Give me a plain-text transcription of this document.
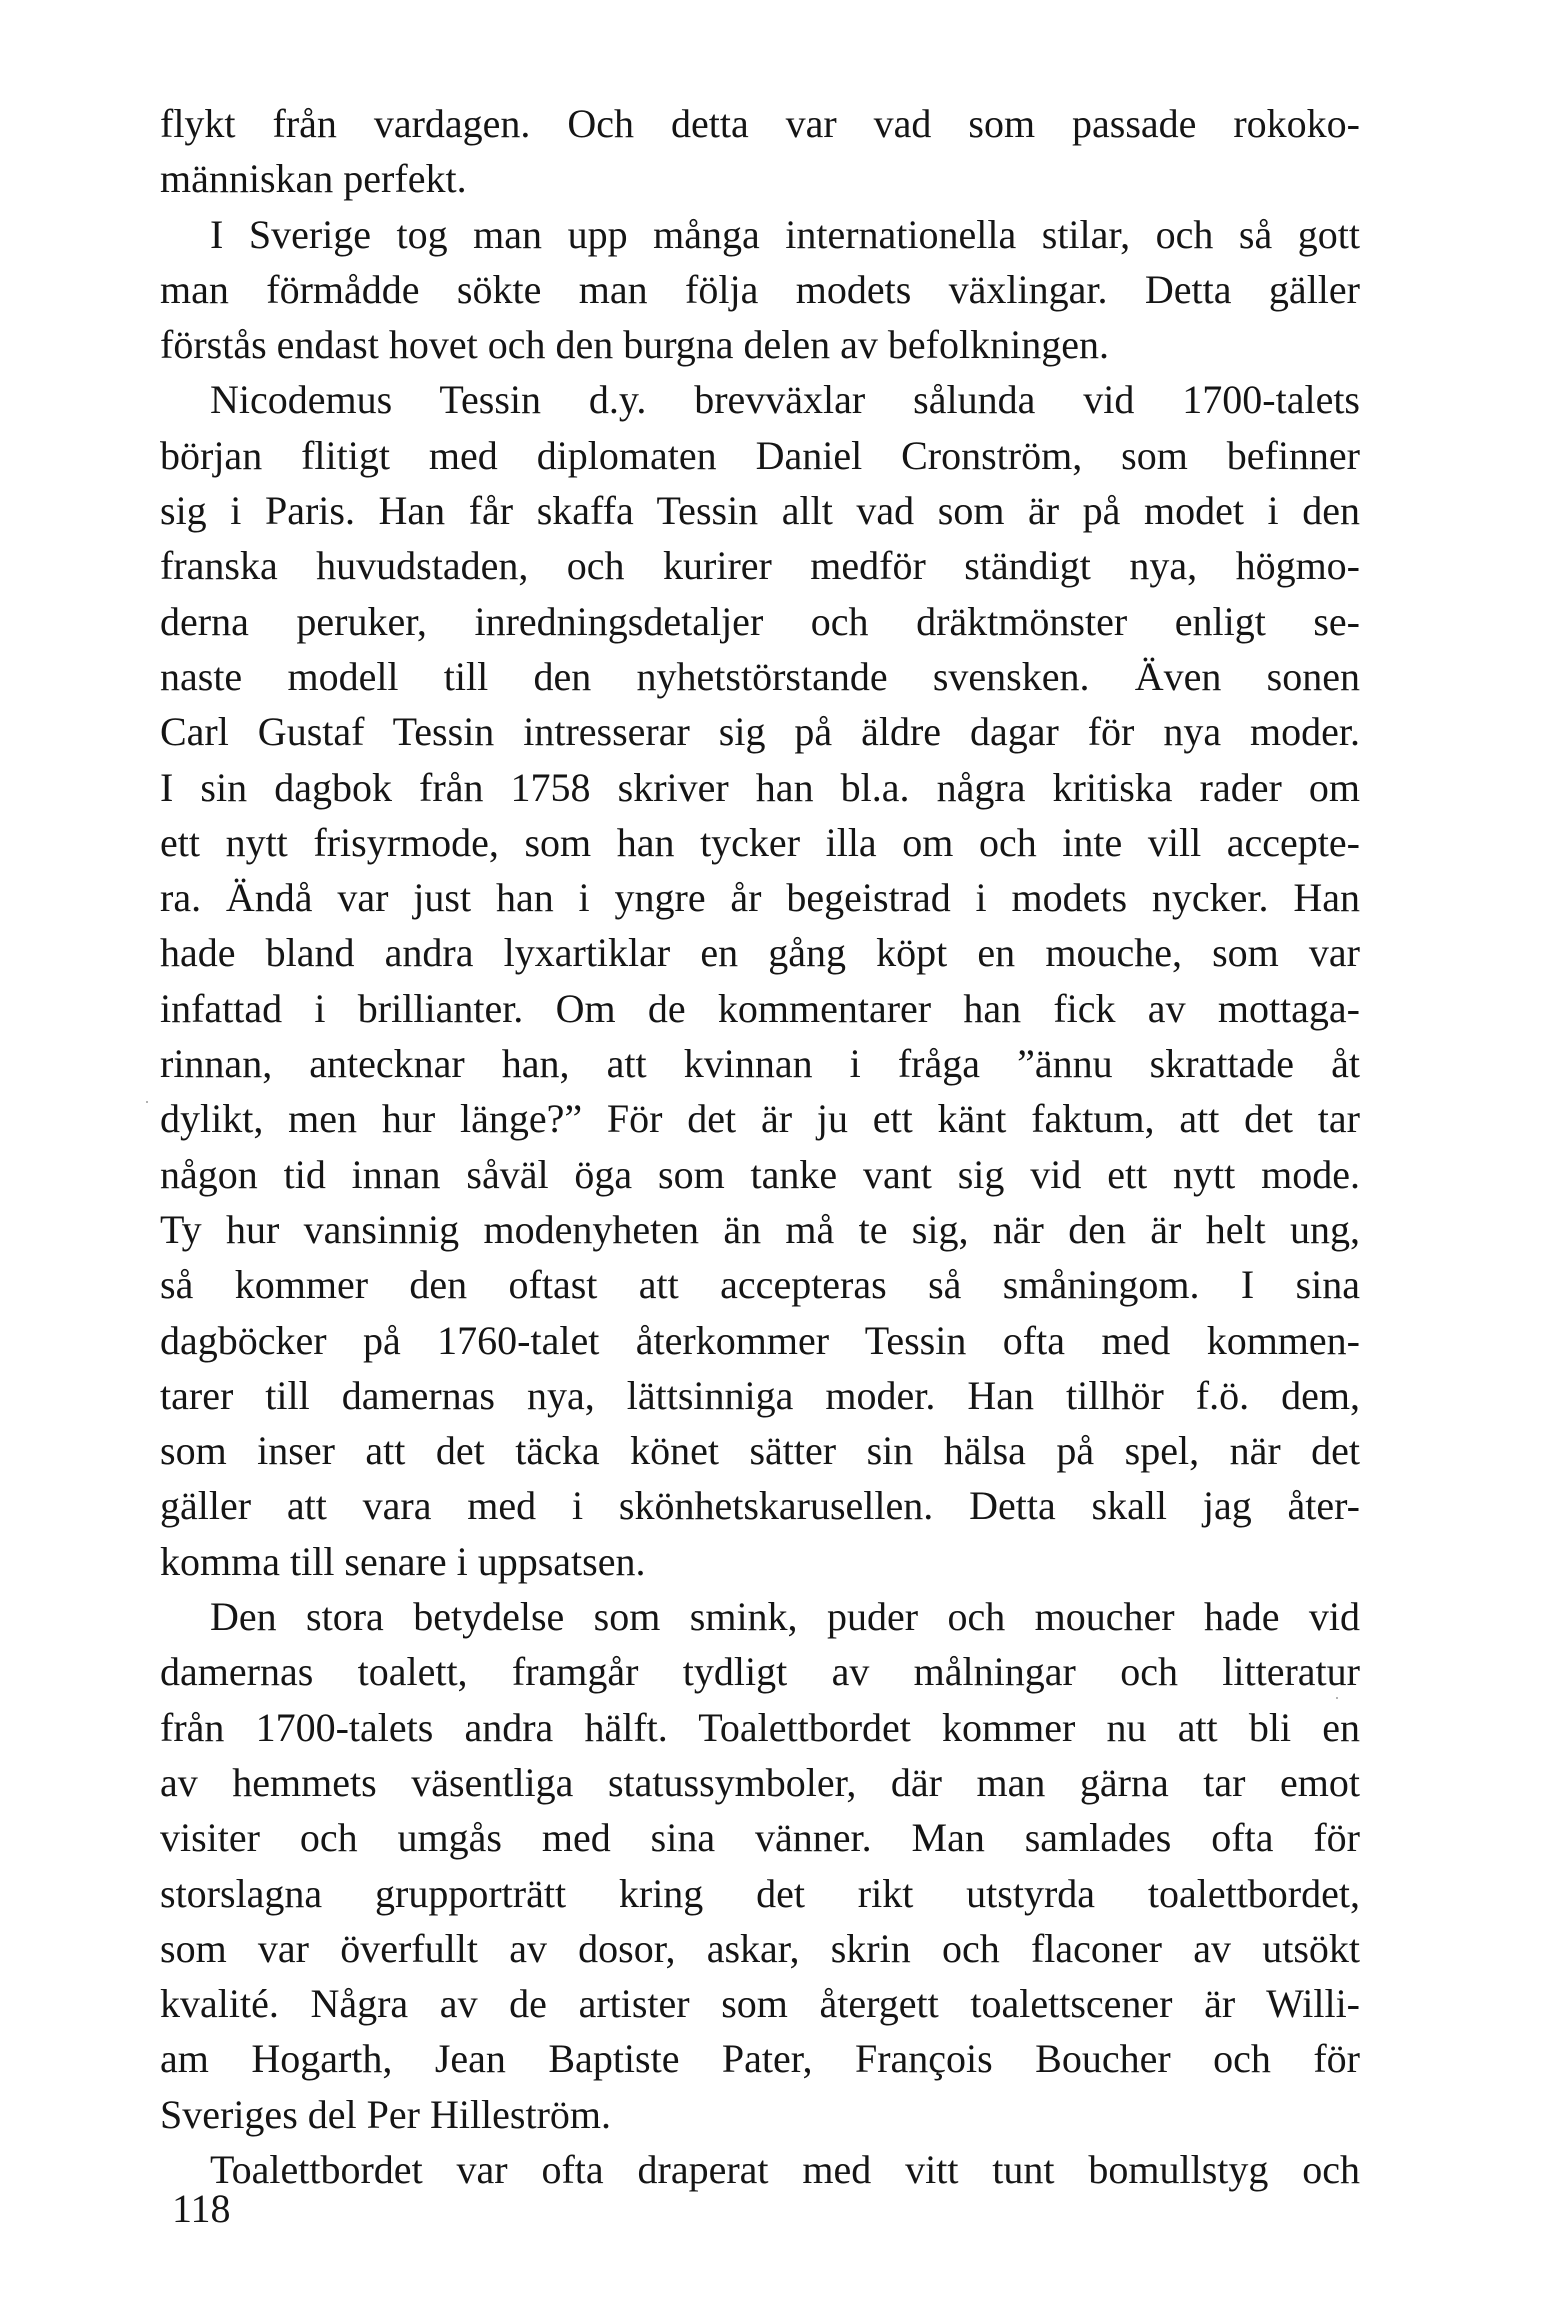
flykt från vardagen. Och detta var vad som passade rokoko-
människan perfekt.
I Sverige tog man upp många internationella stilar, och så gott
man förmådde sökte man följa modets växlingar. Detta gäller
förstås endast hovet och den burgna delen av befolkningen.
Nicodemus Tessin d.y. brevväxlar sålunda vid 1700-talets
början flitigt med diplomaten Daniel Cronström, som befinner
sig i Paris. Han får skaffa Tessin allt vad som är på modet i den
franska huvudstaden, och kurirer medför ständigt nya, högmo-
derna peruker, inredningsdetaljer och dräktmönster enligt se-
naste modell till den nyhetstörstande svensken. Även sonen
Carl Gustaf Tessin intresserar sig på äldre dagar för nya moder.
I sin dagbok från 1758 skriver han bl.a. några kritiska rader om
ett nytt frisyrmode, som han tycker illa om och inte vill accepte-
ra. Ändå var just han i yngre år begeistrad i modets nycker. Han
hade bland andra lyxartiklar en gång köpt en mouche, som var
infattad i brillianter. Om de kommentarer han fick av mottaga-
rinnan, antecknar han, att kvinnan i fråga ”ännu skrattade åt
dylikt, men hur länge?” För det är ju ett känt faktum, att det tar
någon tid innan såväl öga som tanke vant sig vid ett nytt mode.
Ty hur vansinnig modenyheten än må te sig, när den är helt ung,
så kommer den oftast att accepteras så småningom. I sina
dagböcker på 1760-talet återkommer Tessin ofta med kommen-
tarer till damernas nya, lättsinniga moder. Han tillhör f.ö. dem,
som inser att det täcka könet sätter sin hälsa på spel, när det
gäller att vara med i skönhetskarusellen. Detta skall jag åter-
komma till senare i uppsatsen.
Den stora betydelse som smink, puder och moucher hade vid
damernas toalett, framgår tydligt av målningar och litteratur
från 1700-talets andra hälft. Toalettbordet kommer nu att bli en
av hemmets väsentliga statussymboler, där man gärna tar emot
visiter och umgås med sina vänner. Man samlades ofta för
storslagna grupporträtt kring det rikt utstyrda toalettbordet,
som var överfullt av dosor, askar, skrin och flaconer av utsökt
kvalité. Några av de artister som återgett toalettscener är Willi-
am Hogarth, Jean Baptiste Pater, François Boucher och för
Sveriges del Per Hilleström.
Toalettbordet var ofta draperat med vitt tunt bomullstyg och
118
